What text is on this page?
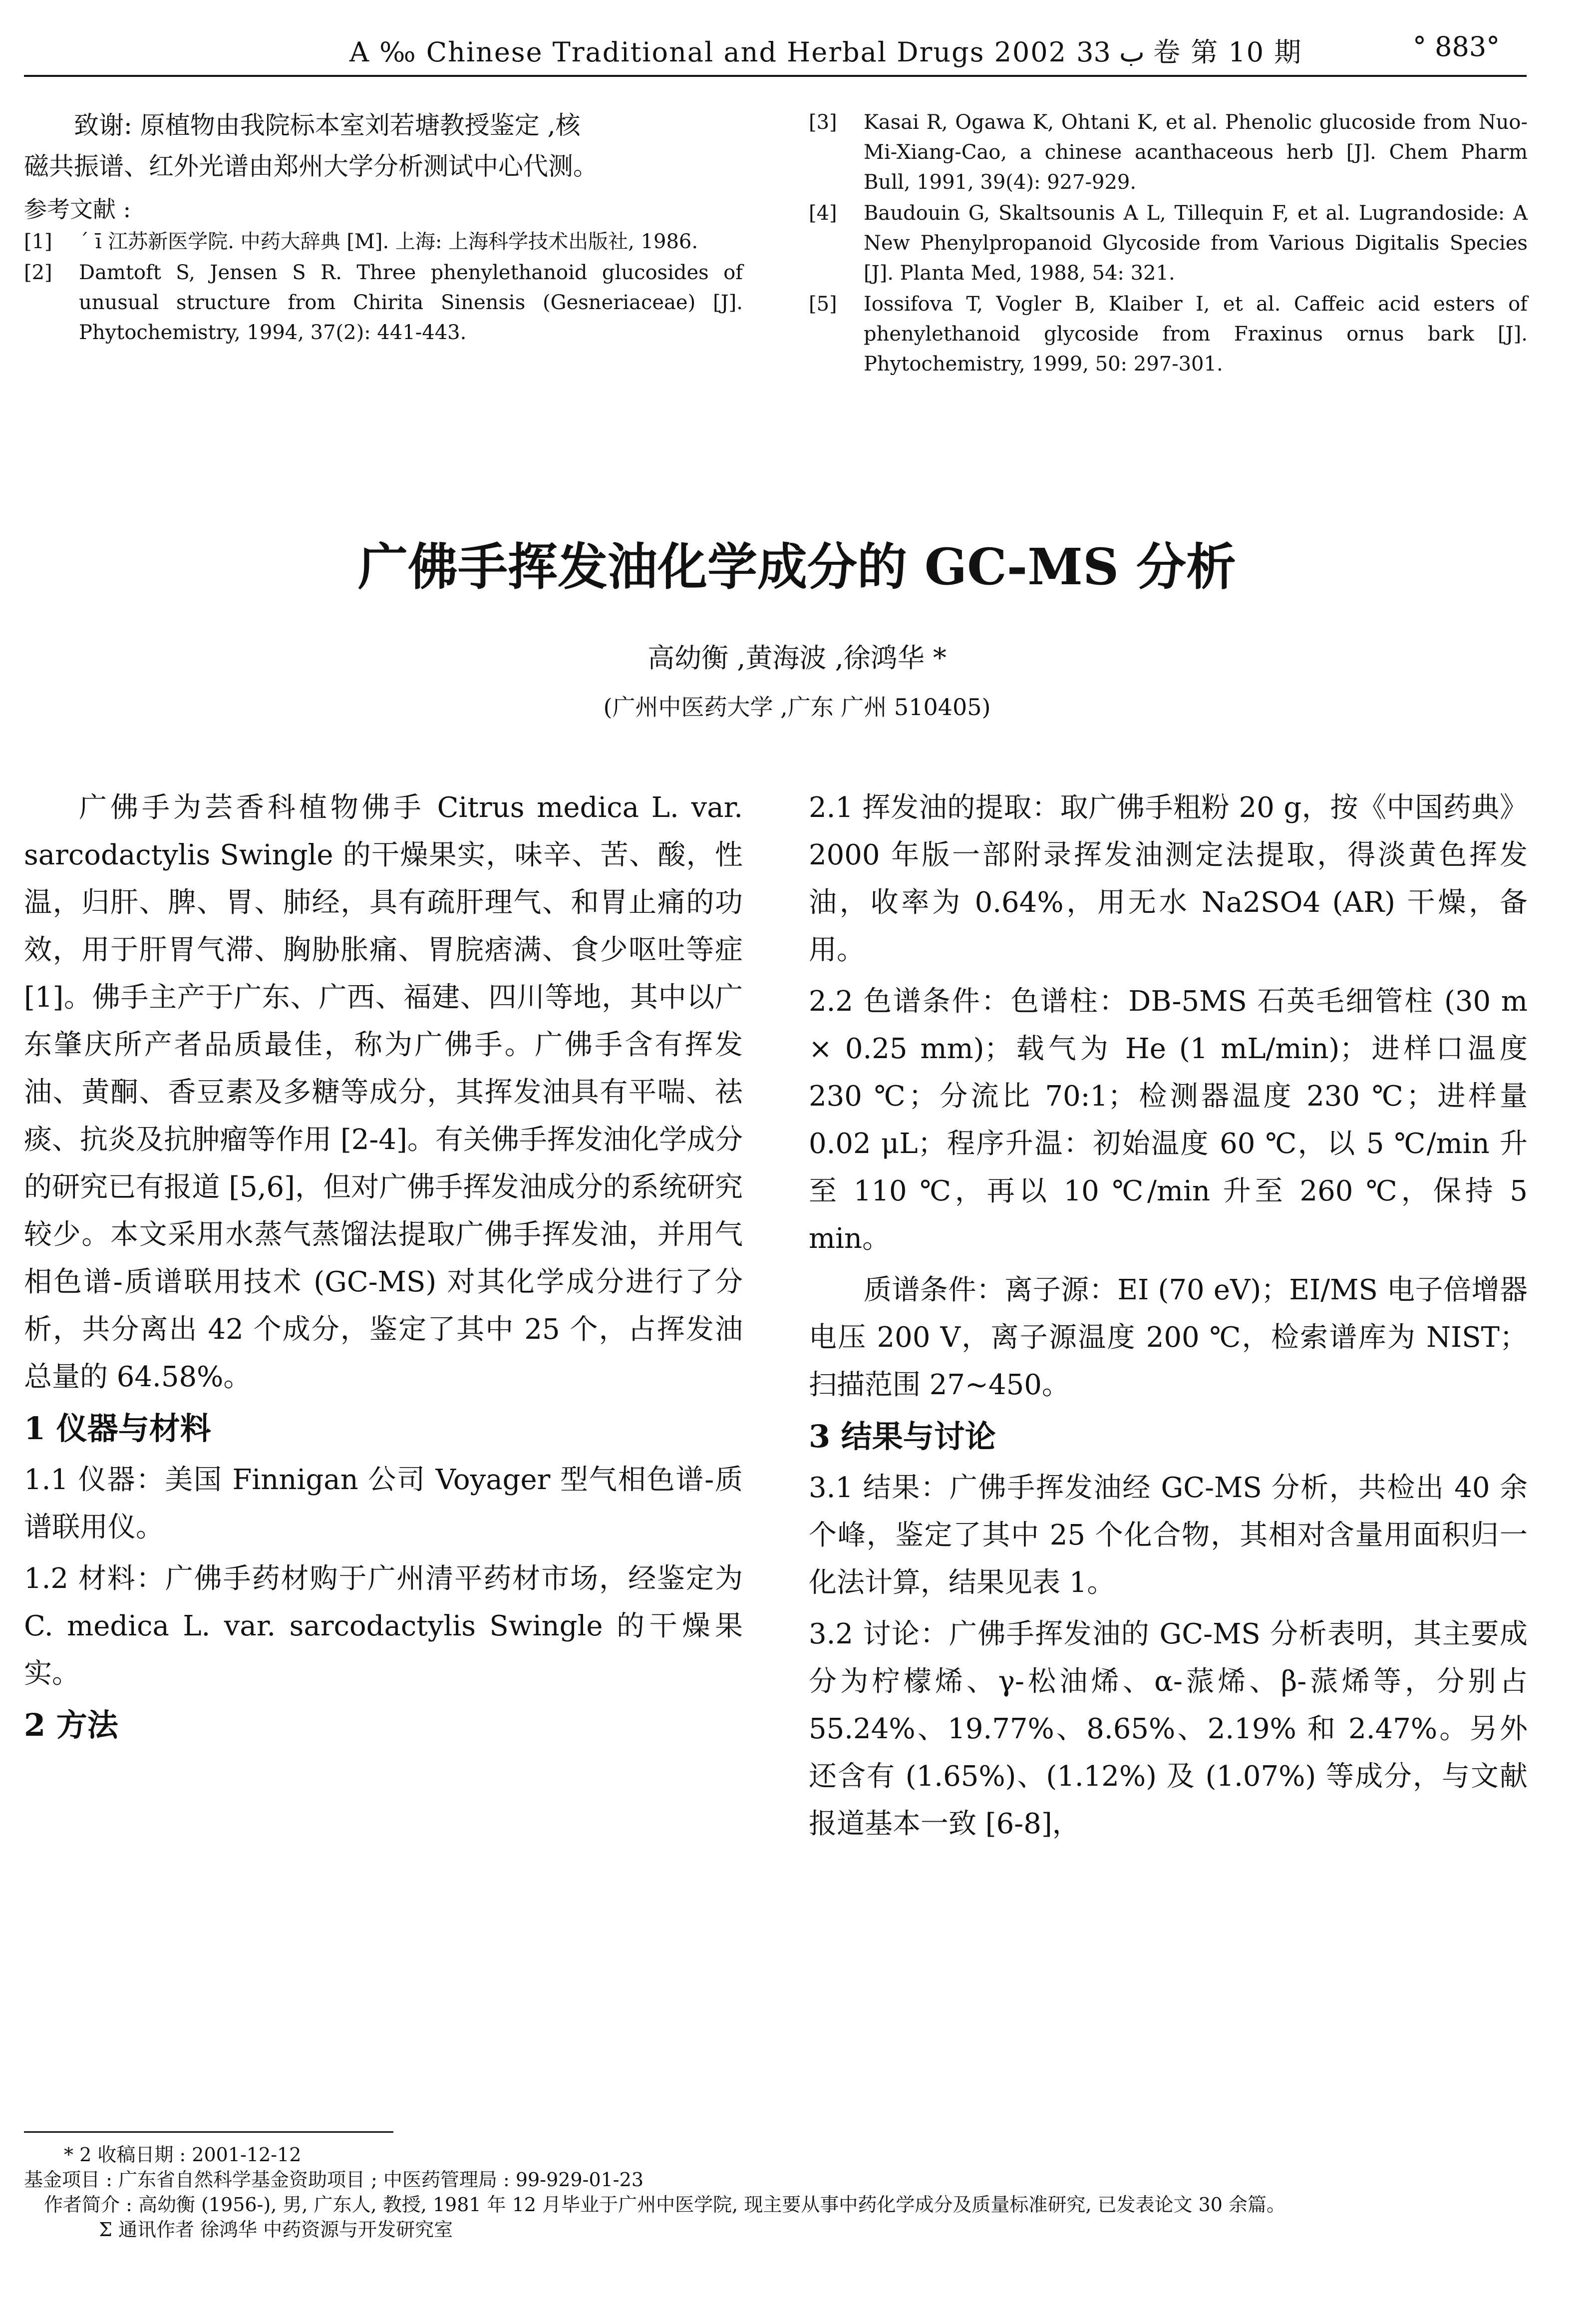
A ‰ Chinese Traditional and Herbal Drugs 2002 ب 33 卷 第 10 期	° 883°

致谢: 原植物由我院标本室刘若塘教授鉴定 ,核

磁共振谱、红外光谱由郑州大学分析测试中心代测。

参考文献 :

[1]	´ ī 江苏新医学院. 中药大辞典 [M]. 上海: 上海科学技术出版社, 1986.
[2]	Damtoft S, Jensen S R. Three phenylethanoid glucosides of unusual structure from Chirita Sinensis (Gesneriaceae) [J]. Phytochemistry, 1994, 37(2): 441-443.
[3]	Kasai R, Ogawa K, Ohtani K, et al. Phenolic glucoside from Nuo-Mi-Xiang-Cao, a chinese acanthaceous herb [J]. Chem Pharm Bull, 1991, 39(4): 927-929.
[4]	Baudouin G, Skaltsounis A L, Tillequin F, et al. Lugrandoside: A New Phenylpropanoid Glycoside from Various Digitalis Species [J]. Planta Med, 1988, 54: 321.
[5]	Iossifova T, Vogler B, Klaiber I, et al. Caffeic acid esters of phenylethanoid glycoside from Fraxinus ornus bark [J]. Phytochemistry, 1999, 50: 297-301.
广佛手挥发油化学成分的 GC-MS 分析
高幼衡 ,黄海波 ,徐鸿华 *
(广州中医药大学 ,广东 广州 510405)

广佛手为芸香科植物佛手 Citrus medica L. var. sarcodactylis Swingle 的干燥果实，味辛、苦、酸，性温，归肝、脾、胃、肺经，具有疏肝理气、和胃止痛的功效，用于肝胃气滞、胸胁胀痛、胃脘痞满、食少呕吐等症 [1]。佛手主产于广东、广西、福建、四川等地，其中以广东肇庆所产者品质最佳，称为广佛手。广佛手含有挥发油、黄酮、香豆素及多糖等成分，其挥发油具有平喘、祛痰、抗炎及抗肿瘤等作用 [2-4]。有关佛手挥发油化学成分的研究已有报道 [5,6]，但对广佛手挥发油成分的系统研究较少。本文采用水蒸气蒸馏法提取广佛手挥发油，并用气相色谱-质谱联用技术 (GC-MS) 对其化学成分进行了分析，共分离出 42 个成分，鉴定了其中 25 个，占挥发油总量的 64.58%。

1 仪器与材料

1.1 仪器：美国 Finnigan 公司 Voyager 型气相色谱-质谱联用仪。

1.2 材料：广佛手药材购于广州清平药材市场，经鉴定为 C. medica L. var. sarcodactylis Swingle 的干燥果实。

2 方法

2.1 挥发油的提取：取广佛手粗粉 20 g，按《中国药典》2000 年版一部附录挥发油测定法提取，得淡黄色挥发油，收率为 0.64%，用无水 Na2SO4 (AR) 干燥，备用。

2.2 色谱条件：色谱柱：DB-5MS 石英毛细管柱 (30 m × 0.25 mm)；载气为 He (1 mL/min)；进样口温度 230 ℃；分流比 70:1；检测器温度 230 ℃；进样量 0.02 μL；程序升温：初始温度 60 ℃，以 5 ℃/min 升至 110 ℃，再以 10 ℃/min 升至 260 ℃，保持 5 min。

质谱条件：离子源：EI (70 eV)；EI/MS 电子倍增器电压 200 V，离子源温度 200 ℃，检索谱库为 NIST；扫描范围 27~450。

3 结果与讨论

3.1 结果：广佛手挥发油经 GC-MS 分析，共检出 40 余个峰，鉴定了其中 25 个化合物，其相对含量用面积归一化法计算，结果见表 1。

3.2 讨论：广佛手挥发油的 GC-MS 分析表明，其主要成分为柠檬烯、γ-松油烯、α-蒎烯、β-蒎烯等，分别占 55.24%、19.77%、8.65%、2.19% 和 2.47%。另外还含有 (1.65%)、(1.12%) 及 (1.07%) 等成分，与文献报道基本一致 [6-8]，

* 2 收稿日期 : 2001-12-12

基金项目 : 广东省自然科学基金资助项目 ; 中医药管理局 : 99-929-01-23

作者简介 : 高幼衡 (1956-), 男, 广东人, 教授, 1981 年 12 月毕业于广州中医学院, 现主要从事中药化学成分及质量标准研究, 已发表论文 30 余篇。

Σ 通讯作者 徐鸿华 中药资源与开发研究室
